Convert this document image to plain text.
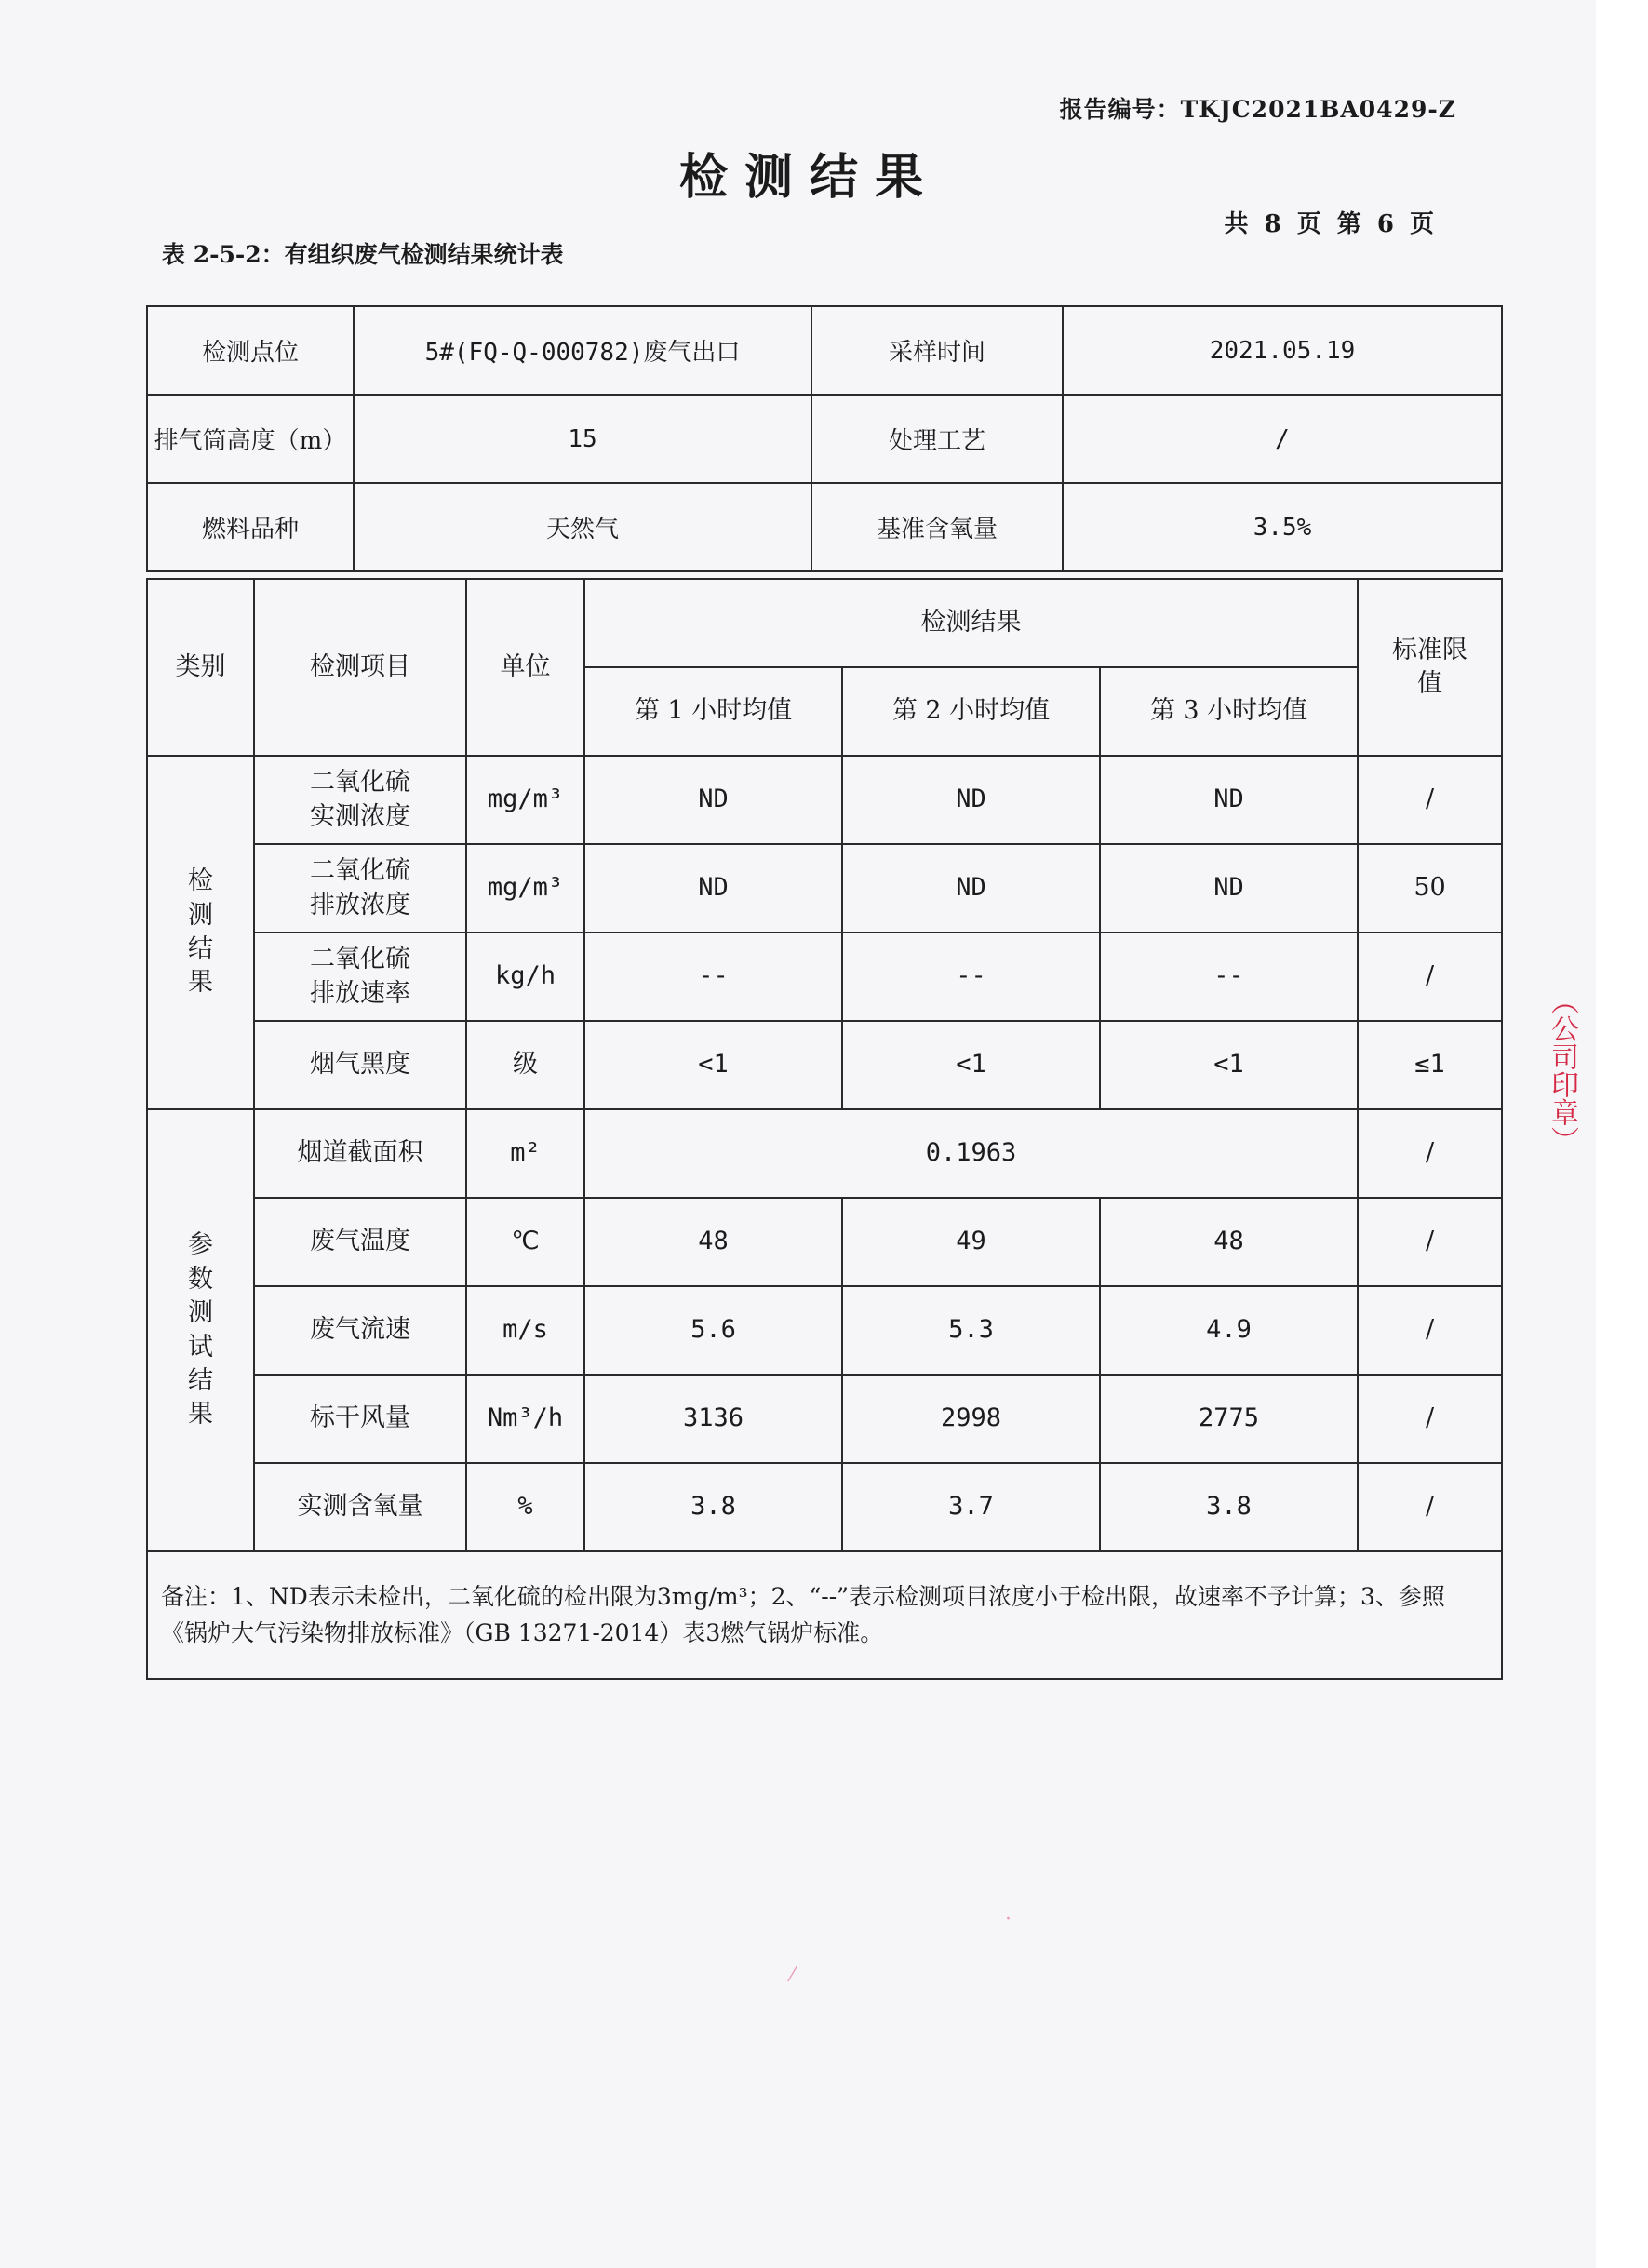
报告编号：TKJC2021BA0429-Z
检测结果
共 8 页 第 6 页
表 2-5-2：有组织废气检测结果统计表
检测点位	5#(FQ-Q-000782)废气出口	采样时间	2021.05.19
排气筒高度（m）	15	处理工艺	/
燃料品种	天然气	基准含氧量	3.5%
类别	检测项目	单位	检测结果			标准限值
			第 1 小时均值	第 2 小时均值	第 3 小时均值	
检测结果	二氧化硫实测浓度	mg/m³	ND	ND	ND	/
	二氧化硫排放浓度	mg/m³	ND	ND	ND	50
	二氧化硫排放速率	kg/h	--	--	--	/
	烟气黑度	级	<1	<1	<1	≤1
参数测试结果	烟道截面积	m²	0.1963			/
	废气温度	℃	48	49	48	/
	废气流速	m/s	5.6	5.3	4.9	/
	标干风量	Nm³/h	3136	2998	2775	/
	实测含氧量	%	3.8	3.7	3.8	/
备注：1、ND表示未检出，二氧化硫的检出限为3mg/m³；2、“--”表示检测项目浓度小于检出限，故速率不予计算；3、参照《锅炉大气污染物排放标准》（GB 13271-2014）表3燃气锅炉标准。						
（公司印章）
⁄
·
